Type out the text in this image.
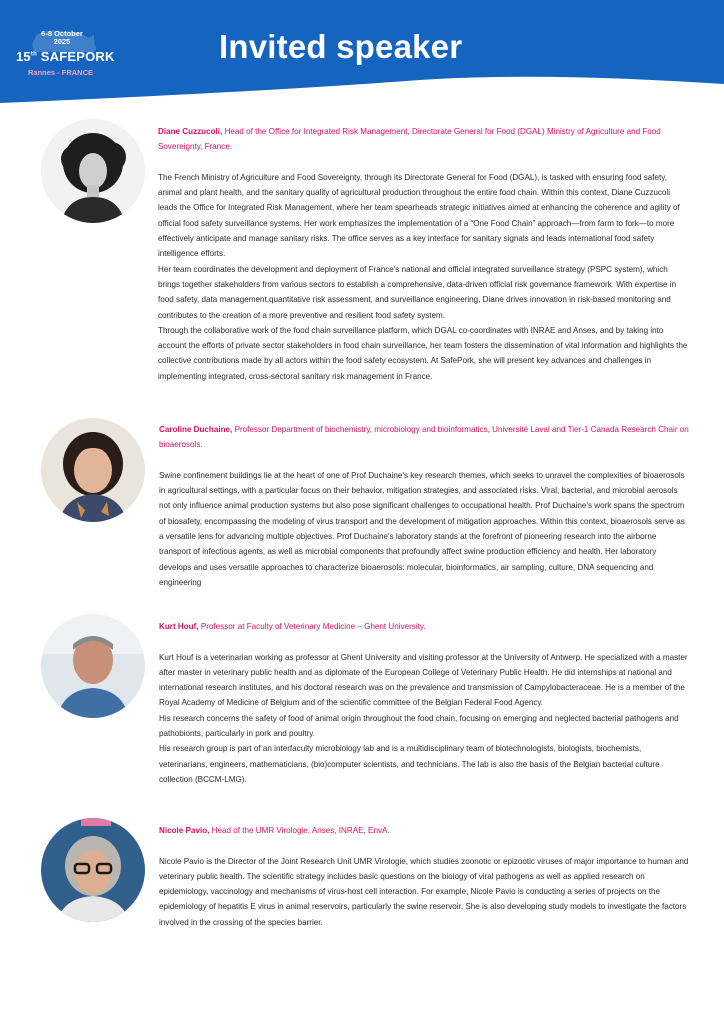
6-8 October 2025
15th SAFEPORK
Rannes - FRANCE
Invited speaker

Diane Cuzzucoli, Head of the Office for Integrated Risk Management, Directorate General for Food (DGAL) Ministry of Agriculture and Food Sovereignty, France.

The French Ministry of Agriculture and Food Sovereignty, through its Directorate General for Food (DGAL), is tasked with ensuring food safety, animal and plant health, and the sanitary quality of agricultural production throughout the entire food chain. Within this context, Diane Cuzzucoli leads the Office for Integrated Risk Management, where her team spearheads strategic initiatives aimed at enhancing the coherence and agility of official food safety surveillance systems. Her work emphasizes the implementation of a “One Food Chain” approach—from farm to fork—to more effectively anticipate and manage sanitary risks. The office serves as a key interface for sanitary signals and leads international food safety intelligence efforts.

Her team coordinates the development and deployment of France's national and official integrated surveillance strategy (PSPC system), which brings together stakeholders from various sectors to establish a comprehensive, data-driven official risk governance framework. With expertise in food safety, data management,quantitative risk assessment, and surveillance engineering, Diane drives innovation in risk-based monitoring and contributes to the creation of a more preventive and resilient food safety system.

Through the collaborative work of the food chain surveillance platform, which DGAL co-coordinates with INRAE and Anses, and by taking into account the efforts of private sector stakeholders in food chain surveillance, her team fosters the dissemination of vital information and highlights the collective contributions made by all actors within the food safety ecosystem. At SafePork, she will present key advances and challenges in implementing integrated, cross-sectoral sanitary risk management in France.

Caroline Duchaine, Professor Department of biochemistry, microbiology and bioinformatics, Université Laval and Tier-1 Canada Research Chair on bioaerosols.

Swine confinement buildings lie at the heart of one of Prof Duchaine's key research themes, which seeks to unravel the complexities of bioaerosols in agricultural settings, with a particular focus on their behavior, mitigation strategies, and associated risks. Viral, bacterial, and microbial aerosols not only influence animal production systems but also pose significant challenges to occupational health. Prof Duchaine's work spans the spectrum of biosafety, encompassing the modeling of virus transport and the development of mitigation approaches. Within this context, bioaerosols serve as a versatile lens for advancing multiple objectives. Prof Duchaine's laboratory stands at the forefront of pioneering research into the airborne transport of infectious agents, as well as microbial components that profoundly affect swine production efficiency and health. Her laboratory develops and uses versatile approaches to characterize bioaerosols: molecular, bioinformatics, air sampling, culture, DNA sequencing and engineering

Kurt Houf, Professor at Faculty of Veterinary Medicine – Ghent University.

Kurt Houf is a veterinarian working as professor at Ghent University and visiting professor at the University of Antwerp. He specialized with a master after master in veterinary public health and as diplomate of the European College of Veterinary Public Health. He did internships at national and international research institutes, and his doctoral research was on the prevalence and transmission of Campylobacteraceae. He is a member of the Royal Academy of Medicine of Belgium and of the scientific committee of the Belgian Federal Food Agency.

His research concerns the safety of food of animal origin throughout the food chain, focusing on emerging and neglected bacterial pathogens and pathobionts, particularly in pork and poultry.

His research group is part of an interfaculty microbiology lab and is a multidisciplinary team of biotechnologists, biologists, biochemists, veterinarians, engineers, mathematicians, (bio)computer scientists, and technicians. The lab is also the basis of the Belgian bacterial culture collection (BCCM-LMG).

Nicole Pavio, Head of the UMR Virologie, Anses, INRAE, EnvA.

Nicole Pavio is the Director of the Joint Research Unit UMR Virologie, which studies zoonotic or epizootic viruses of major importance to human and veterinary public health. The scientific strategy includes basic questions on the biology of viral pathogens as well as applied research on epidemiology, vaccinology and mechanisms of virus-host cell interaction. For example, Nicole Pavio is conducting a series of projects on the epidemiology of hepatitis E virus in animal reservoirs, particularly the swine reservoir. She is also developing study models to investigate the factors involved in the crossing of the species barrier.
